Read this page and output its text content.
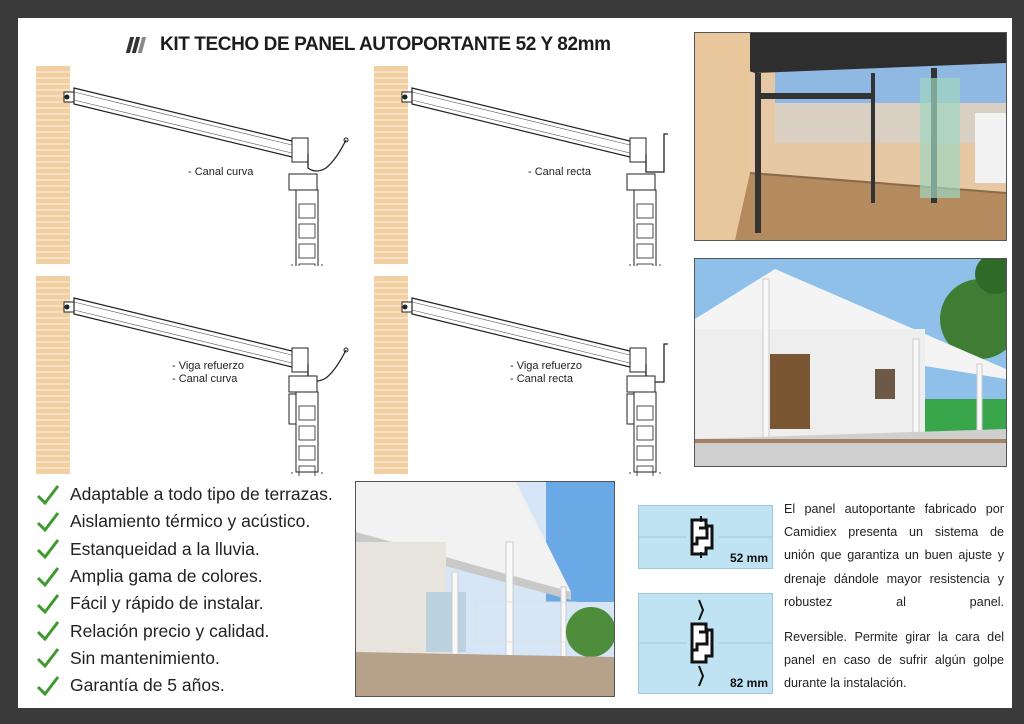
KIT TECHO DE PANEL AUTOPORTANTE 52 Y 82mm
- Canal curva	- Canal recta
- Viga refuerzo
- Canal curva
- Viga refuerzo
- Canal recta
Adaptable a todo tipo de terrazas.
Aislamiento térmico y acústico.
Estanqueidad a la lluvia.
Amplia gama de colores.
Fácil y rápido de instalar.
Relación precio y calidad.
Sin mantenimiento.
Garantía de 5 años.
52 mm
82 mm
El panel autoportante fabricado por Camidiex presenta un sistema de unión que garantiza un buen ajuste y drenaje dándole mayor resistencia y robustez al panel.
Reversible. Permite girar la cara del panel en caso de sufrir algún golpe durante la instalación.
